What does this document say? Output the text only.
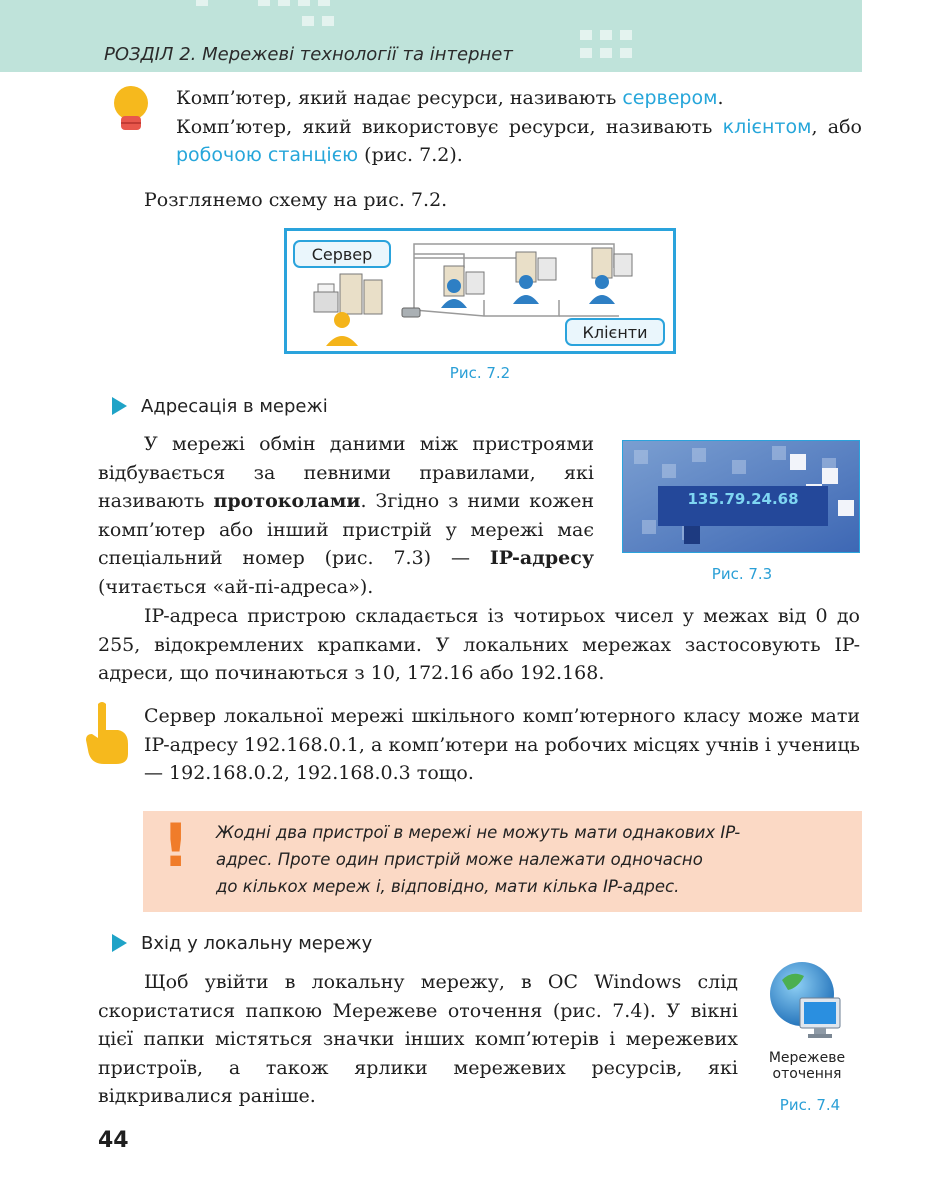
РОЗДІЛ 2. Мережеві технології та інтернет
Комп’ютер, який надає ресурси, називають сервером.
Комп’ютер, який використовує ресурси, називають клієнтом, або робочою станцією (рис. 7.2).
Розглянемо схему на рис. 7.2.
Сервер
Клієнти
Рис. 7.2
Адресація в мережі
У мережі обмін даними між пристроями відбувається за певними правилами, які називають протоколами. Згідно з ними кожен комп’ютер або інший пристрій у мережі має спеціальний номер (рис. 7.3) — IP-адресу (читається «ай-пі-адреса»).
135.79.24.68
Рис. 7.3
IP-адреса пристрою складається із чотирьох чисел у межах від 0 до 255, відокремлених крапками. У локальних мережах застосовують IP-адреси, що починаються з 10, 172.16 або 192.168.
Сервер локальної мережі шкільного комп’ютерного класу може мати IP-адресу 192.168.0.1, а комп’ютери на робочих місцях учнів і учениць — 192.168.0.2, 192.168.0.3 тощо.
! Жодні два пристрої в мережі не можуть мати однакових IP-
адрес. Проте один пристрій може належати одночасно
до кількох мереж і, відповідно, мати кілька IP-адрес.
Вхід у локальну мережу
Щоб увійти в локальну мережу, в ОС Windows слід скористатися папкою Мережеве оточення (рис. 7.4). У вікні цієї папки містяться значки інших комп’ютерів і мережевих пристроїв, а також ярлики мережевих ресурсів, які відкривалися раніше.
Мережеве
оточення
Рис. 7.4
44
